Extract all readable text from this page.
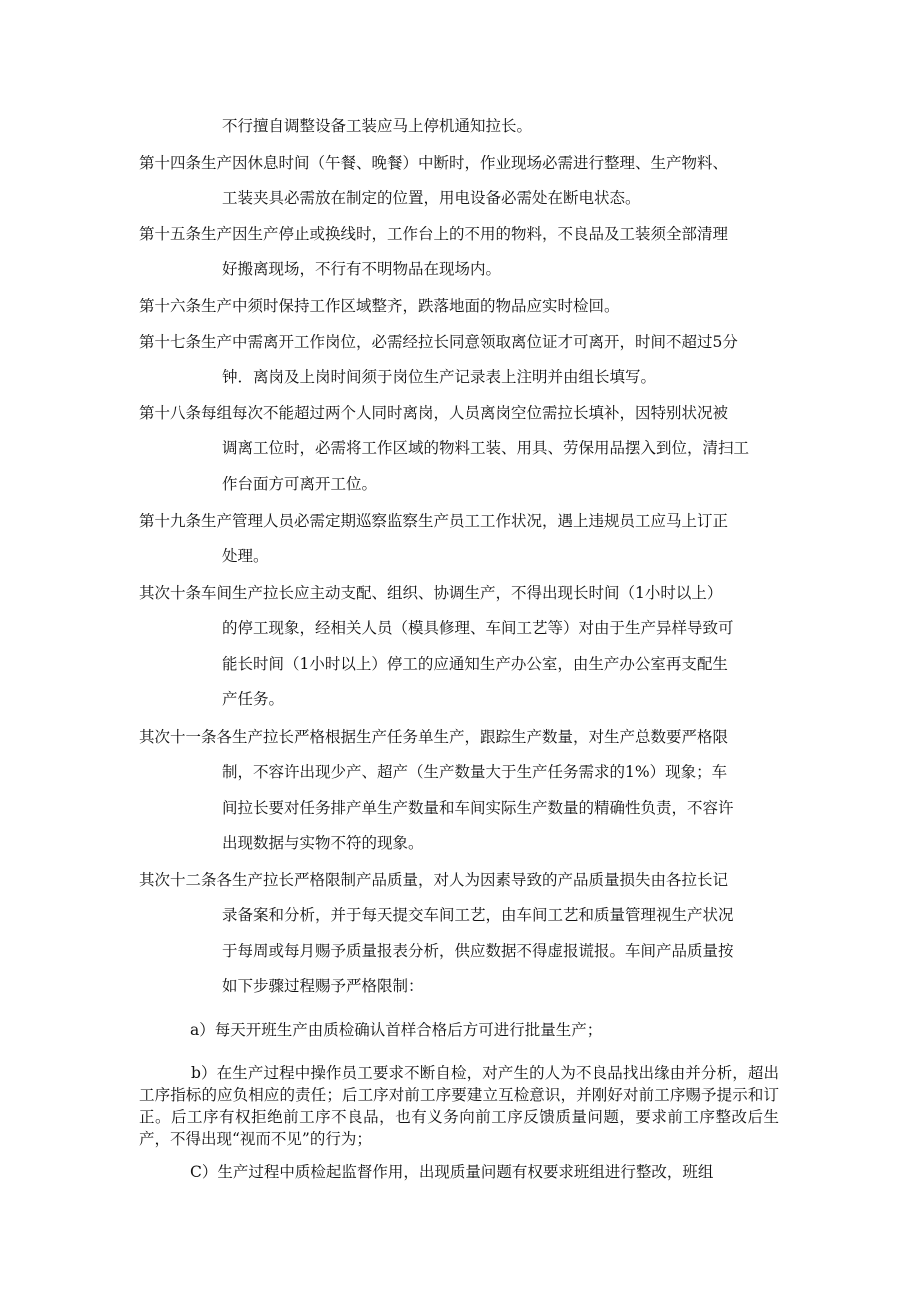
不行擅自调整设备工装应马上停机通知拉长。
第十四条生产因休息时间（午餐、晚餐）中断时，作业现场必需进行整理、生产物料、
工装夹具必需放在制定的位置，用电设备必需处在断电状态。
第十五条生产因生产停止或换线时，工作台上的不用的物料，不良品及工装须全部清理
好搬离现场，不行有不明物品在现场内。
第十六条生产中须时保持工作区域整齐，跌落地面的物品应实时检回。
第十七条生产中需离开工作岗位，必需经拉长同意领取离位证才可离开，时间不超过5分
钟．离岗及上岗时间须于岗位生产记录表上注明并由组长填写。
第十八条每组每次不能超过两个人同时离岗，人员离岗空位需拉长填补，因特别状况被
调离工位时，必需将工作区域的物料工装、用具、劳保用品摆入到位，清扫工
作台面方可离开工位。
第十九条生产管理人员必需定期巡察监察生产员工工作状况，遇上违规员工应马上订正
处理。
其次十条车间生产拉长应主动支配、组织、协调生产，不得出现长时间（1小时以上）
的停工现象，经相关人员（模具修理、车间工艺等）对由于生产异样导致可
能长时间（1小时以上）停工的应通知生产办公室，由生产办公室再支配生
产任务。
其次十一条各生产拉长严格根据生产任务单生产，跟踪生产数量，对生产总数要严格限
制，不容许出现少产、超产（生产数量大于生产任务需求的1%）现象；车
间拉长要对任务排产单生产数量和车间实际生产数量的精确性负责，不容许
出现数据与实物不符的现象。
其次十二条各生产拉长严格限制产品质量，对人为因素导致的产品质量损失由各拉长记
录备案和分析，并于每天提交车间工艺，由车间工艺和质量管理视生产状况
于每周或每月赐予质量报表分析，供应数据不得虚报谎报。车间产品质量按
如下步骤过程赐予严格限制：
a）每天开班生产由质检确认首样合格后方可进行批量生产；
b）在生产过程中操作员工要求不断自检，对产生的人为不良品找出缘由并分析，超出工序指标的应负相应的责任；后工序对前工序要建立互检意识，并刚好对前工序赐予提示和订正。后工序有权拒绝前工序不良品，也有义务向前工序反馈质量问题，要求前工序整改后生产，不得出现“视而不见”的行为；
C）生产过程中质检起监督作用，出现质量问题有权要求班组进行整改，班组
